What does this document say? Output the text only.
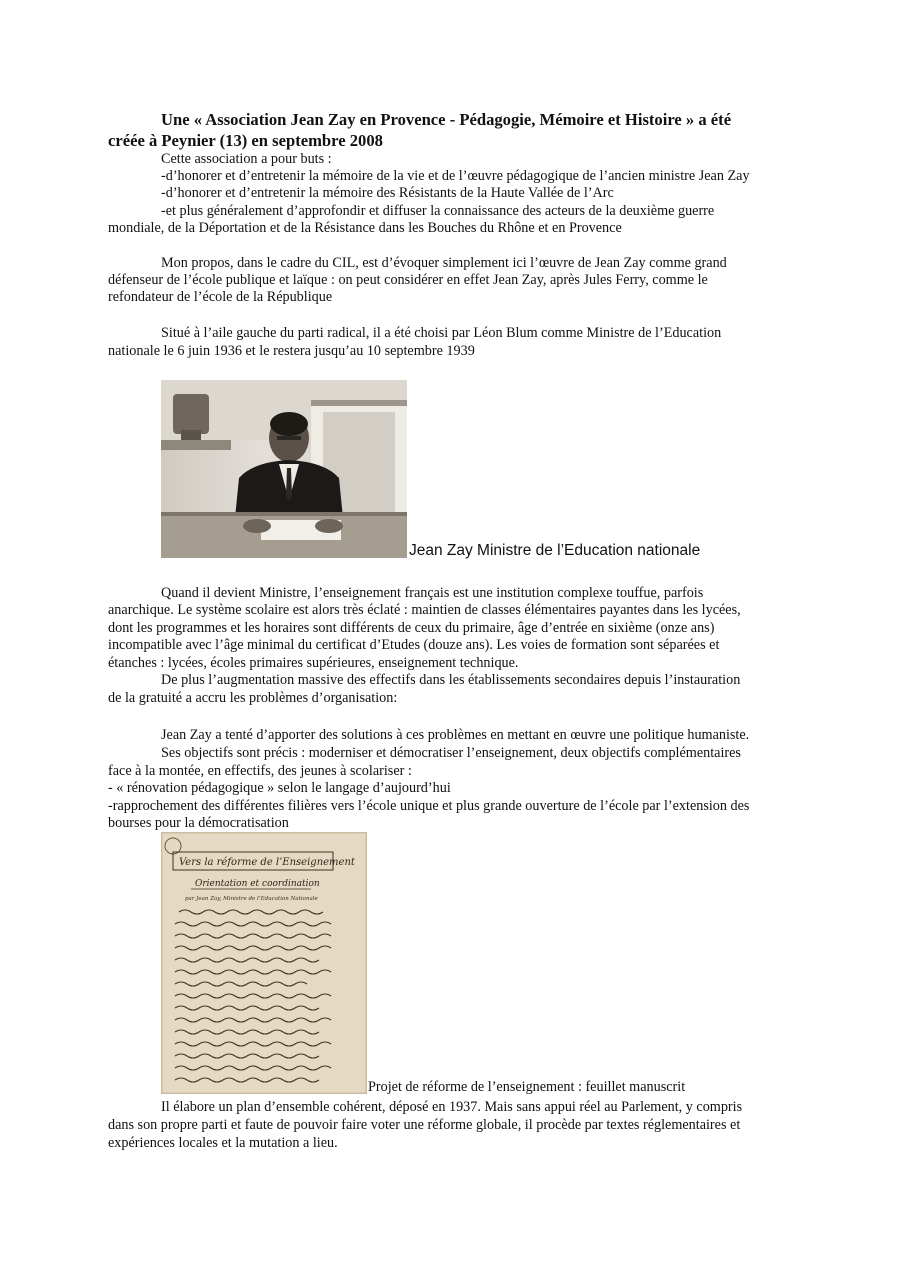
Une « Association Jean Zay en Provence - Pédagogie, Mémoire et Histoire » a été
créée à Peynier (13) en septembre 2008
Cette association a pour buts :
-d’honorer et d’entretenir la mémoire de la vie et de l’œuvre pédagogique de l’ancien ministre Jean Zay
-d’honorer et d’entretenir la mémoire des Résistants de la Haute Vallée de l’Arc
-et plus généralement d’approfondir et diffuser la connaissance des acteurs de la deuxième guerre
mondiale, de la Déportation et de la Résistance dans les Bouches du Rhône et en Provence
Mon propos, dans le cadre du CIL, est d’évoquer simplement ici l’œuvre de Jean Zay comme grand
défenseur de l’école publique et laïque : on peut considérer en effet Jean Zay, après Jules Ferry, comme le
refondateur de l’école de la République
Situé à l’aile gauche du parti radical, il a été choisi par Léon Blum comme Ministre de l’Education
nationale le 6 juin 1936 et le restera jusqu’au 10 septembre 1939
Jean Zay Ministre de l’Education nationale
Quand il devient Ministre, l’enseignement français est une institution complexe touffue, parfois
anarchique. Le système scolaire est alors très éclaté : maintien de classes élémentaires payantes dans les lycées,
dont les programmes et les horaires sont différents de ceux du primaire, âge d’entrée en sixième (onze ans)
incompatible avec l’âge minimal du certificat d’Etudes (douze ans). Les voies de formation sont séparées et
étanches : lycées, écoles primaires supérieures, enseignement technique.
De plus l’augmentation massive des effectifs dans les établissements secondaires depuis l’instauration
de la gratuité a accru les problèmes d’organisation:
Jean Zay a tenté d’apporter des solutions à ces problèmes en mettant en œuvre une politique humaniste.
Ses objectifs sont précis : moderniser et démocratiser l’enseignement, deux objectifs complémentaires
face à la montée, en effectifs, des jeunes à scolariser :
- « rénovation pédagogique » selon le langage d’aujourd’hui
-rapprochement des différentes filières vers l’école unique et plus grande ouverture de l’école par l’extension des
bourses pour la démocratisation
Vers la réforme de l’Enseignement
Orientation et coordination
par Jean Zay, Ministre de l’Education Nationale
Projet de réforme de l’enseignement : feuillet manuscrit
Il élabore un plan d’ensemble cohérent, déposé en 1937. Mais sans appui réel au Parlement, y compris
dans son propre parti et faute de pouvoir faire voter une réforme globale, il procède par textes réglementaires et
expériences locales et la mutation a lieu.
